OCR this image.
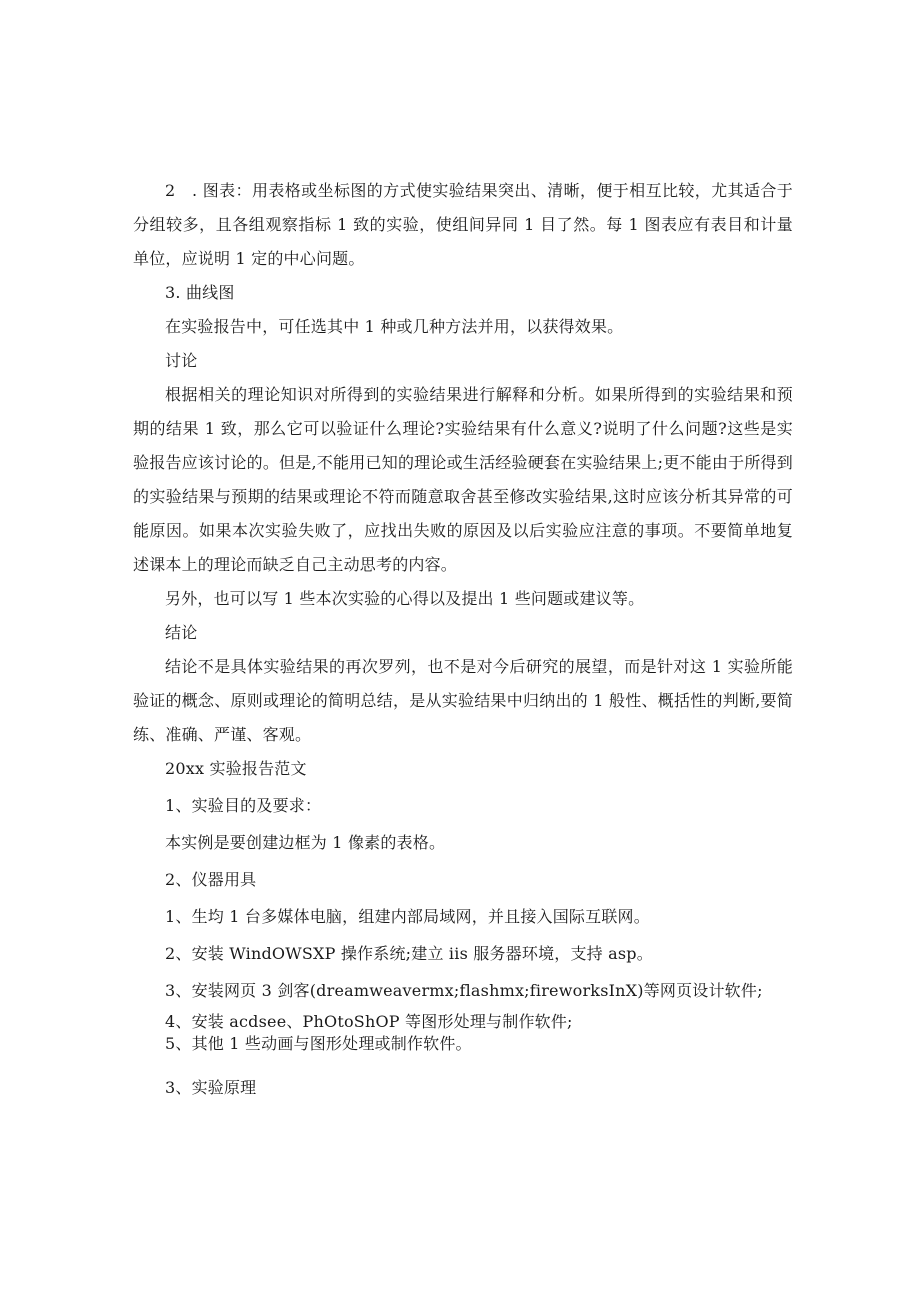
2　. 图表：用表格或坐标图的方式使实验结果突出、清晰，便于相互比较，尤其适合于分组较多，且各组观察指标 1 致的实验，使组间异同 1 目了然。每 1 图表应有表目和计量单位，应说明 1 定的中心问题。

3. 曲线图

在实验报告中，可任选其中 1 种或几种方法并用，以获得效果。

讨论

根据相关的理论知识对所得到的实验结果进行解释和分析。如果所得到的实验结果和预期的结果 1 致，那么它可以验证什么理论?实验结果有什么意义?说明了什么问题?这些是实验报告应该讨论的。但是,不能用已知的理论或生活经验硬套在实验结果上;更不能由于所得到的实验结果与预期的结果或理论不符而随意取舍甚至修改实验结果,这时应该分析其异常的可能原因。如果本次实验失败了，应找出失败的原因及以后实验应注意的事项。不要简单地复述课本上的理论而缺乏自己主动思考的内容。

另外，也可以写 1 些本次实验的心得以及提出 1 些问题或建议等。

结论

结论不是具体实验结果的再次罗列，也不是对今后研究的展望，而是针对这 1 实验所能验证的概念、原则或理论的简明总结，是从实验结果中归纳出的 1 般性、概括性的判断,要简练、准确、严谨、客观。

20xx 实验报告范文

1、实验目的及要求：

本实例是要创建边框为 1 像素的表格。

2、仪器用具

1、生均 1 台多媒体电脑，组建内部局域网，并且接入国际互联网。

2、安装 WindOWSXP 操作系统;建立 iis 服务器环境，支持 asp。

3、安装网页 3 剑客(dreamweavermx;flashmx;fireworksInX)等网页设计软件;

4、安装 acdsee、PhOtoShOP 等图形处理与制作软件;

5、其他 1 些动画与图形处理或制作软件。

3、实验原理
